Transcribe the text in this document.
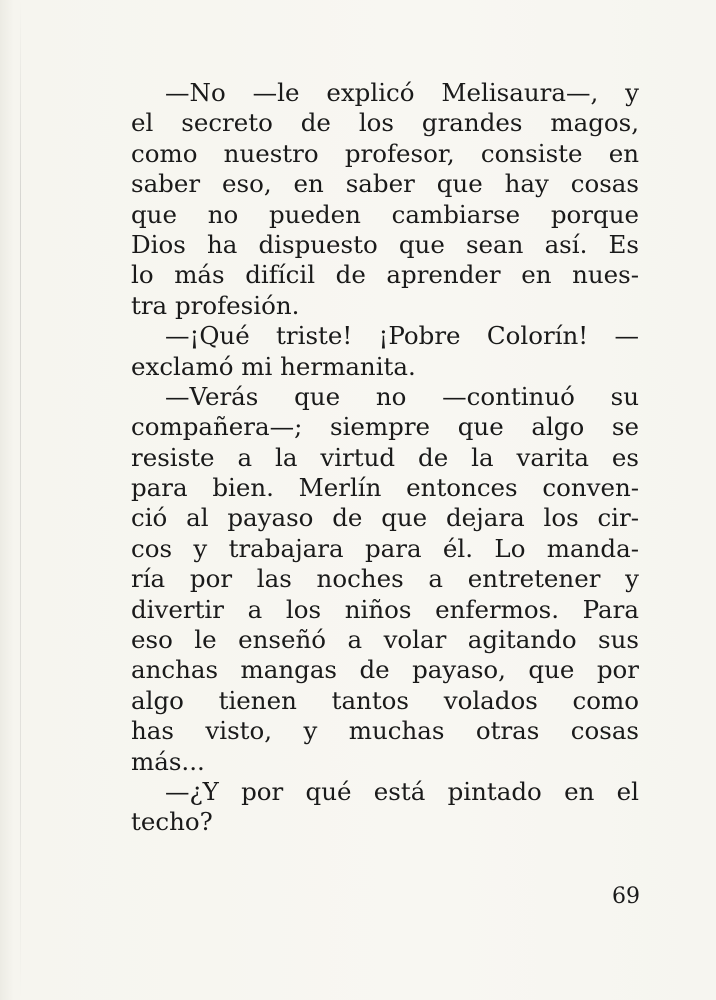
—No —le explicó Melisaura—, y
el secreto de los grandes magos,
como nuestro profesor, consiste en
saber eso, en saber que hay cosas
que no pueden cambiarse porque
Dios ha dispuesto que sean así. Es
lo más difícil de aprender en nues-
tra profesión.
—¡Qué triste! ¡Pobre Colorín! —
exclamó mi hermanita.
—Verás que no —continuó su
compañera—; siempre que algo se
resiste a la virtud de la varita es
para bien. Merlín entonces conven-
ció al payaso de que dejara los cir-
cos y trabajara para él. Lo manda-
ría por las noches a entretener y
divertir a los niños enfermos. Para
eso le enseñó a volar agitando sus
anchas mangas de payaso, que por
algo tienen tantos volados como
has visto, y muchas otras cosas
más...
—¿Y por qué está pintado en el
techo?
69
